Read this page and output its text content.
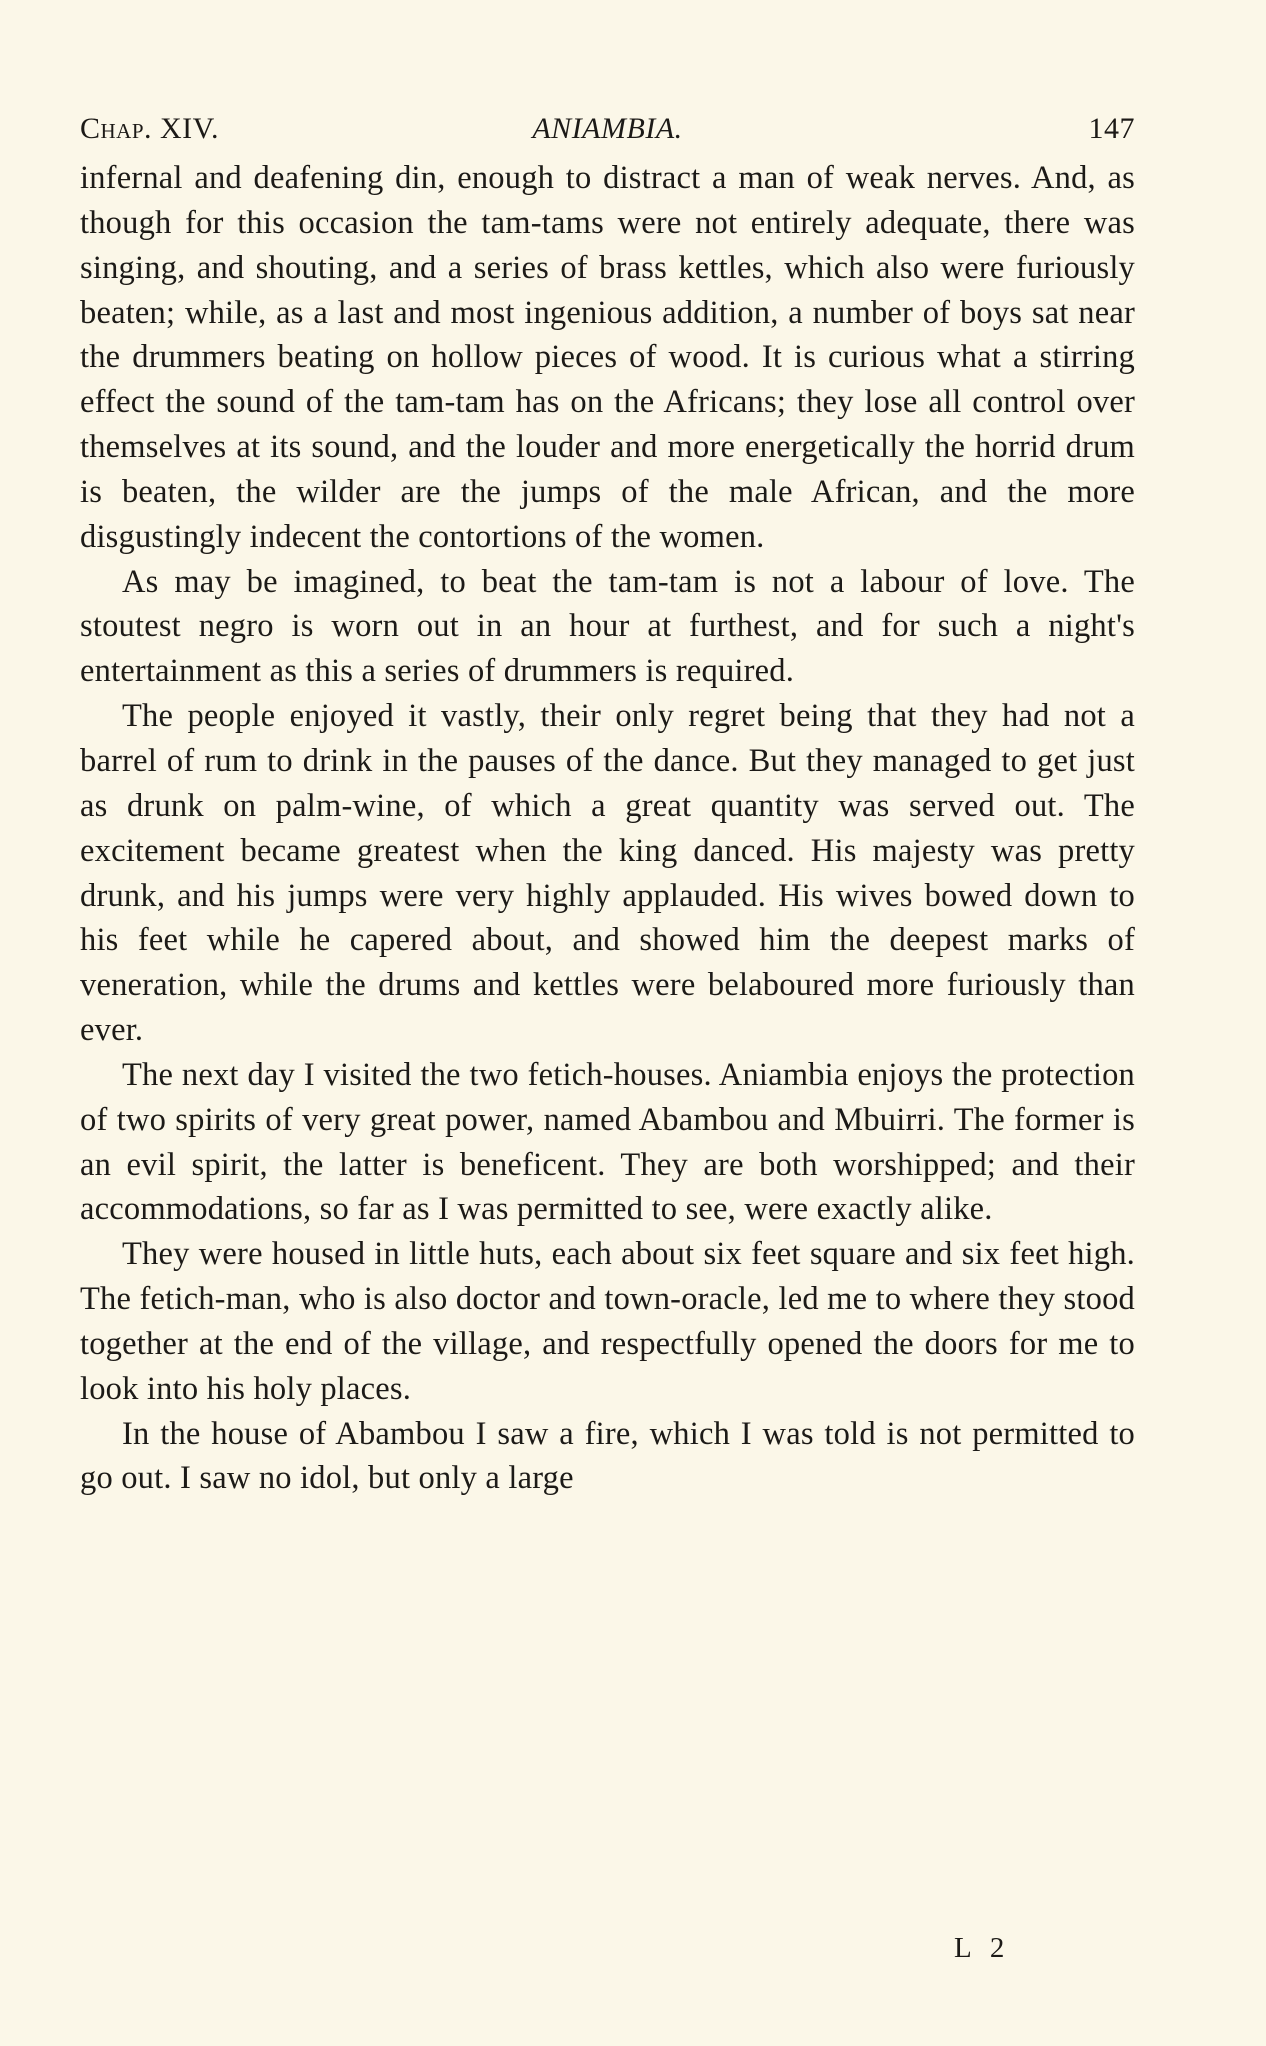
Chap. XIV.	ANIAMBIA.	147

infernal and deafening din, enough to distract a man of weak nerves. And, as though for this occasion the tam-tams were not entirely adequate, there was singing, and shouting, and a series of brass kettles, which also were furiously beaten; while, as a last and most ingenious addition, a number of boys sat near the drummers beating on hollow pieces of wood. It is curious what a stirring effect the sound of the tam-tam has on the Africans; they lose all control over themselves at its sound, and the louder and more energetically the horrid drum is beaten, the wilder are the jumps of the male African, and the more disgustingly indecent the contortions of the women.

As may be imagined, to beat the tam-tam is not a labour of love. The stoutest negro is worn out in an hour at furthest, and for such a night's entertainment as this a series of drummers is required.

The people enjoyed it vastly, their only regret being that they had not a barrel of rum to drink in the pauses of the dance. But they managed to get just as drunk on palm-wine, of which a great quantity was served out. The excitement became greatest when the king danced. His majesty was pretty drunk, and his jumps were very highly applauded. His wives bowed down to his feet while he capered about, and showed him the deepest marks of veneration, while the drums and kettles were belaboured more furiously than ever.

The next day I visited the two fetich-houses. Aniambia enjoys the protection of two spirits of very great power, named Abambou and Mbuirri. The former is an evil spirit, the latter is beneficent. They are both worshipped; and their accommodations, so far as I was permitted to see, were exactly alike.

They were housed in little huts, each about six feet square and six feet high. The fetich-man, who is also doctor and town-oracle, led me to where they stood together at the end of the village, and respectfully opened the doors for me to look into his holy places.

In the house of Abambou I saw a fire, which I was told is not permitted to go out. I saw no idol, but only a large

L 2
